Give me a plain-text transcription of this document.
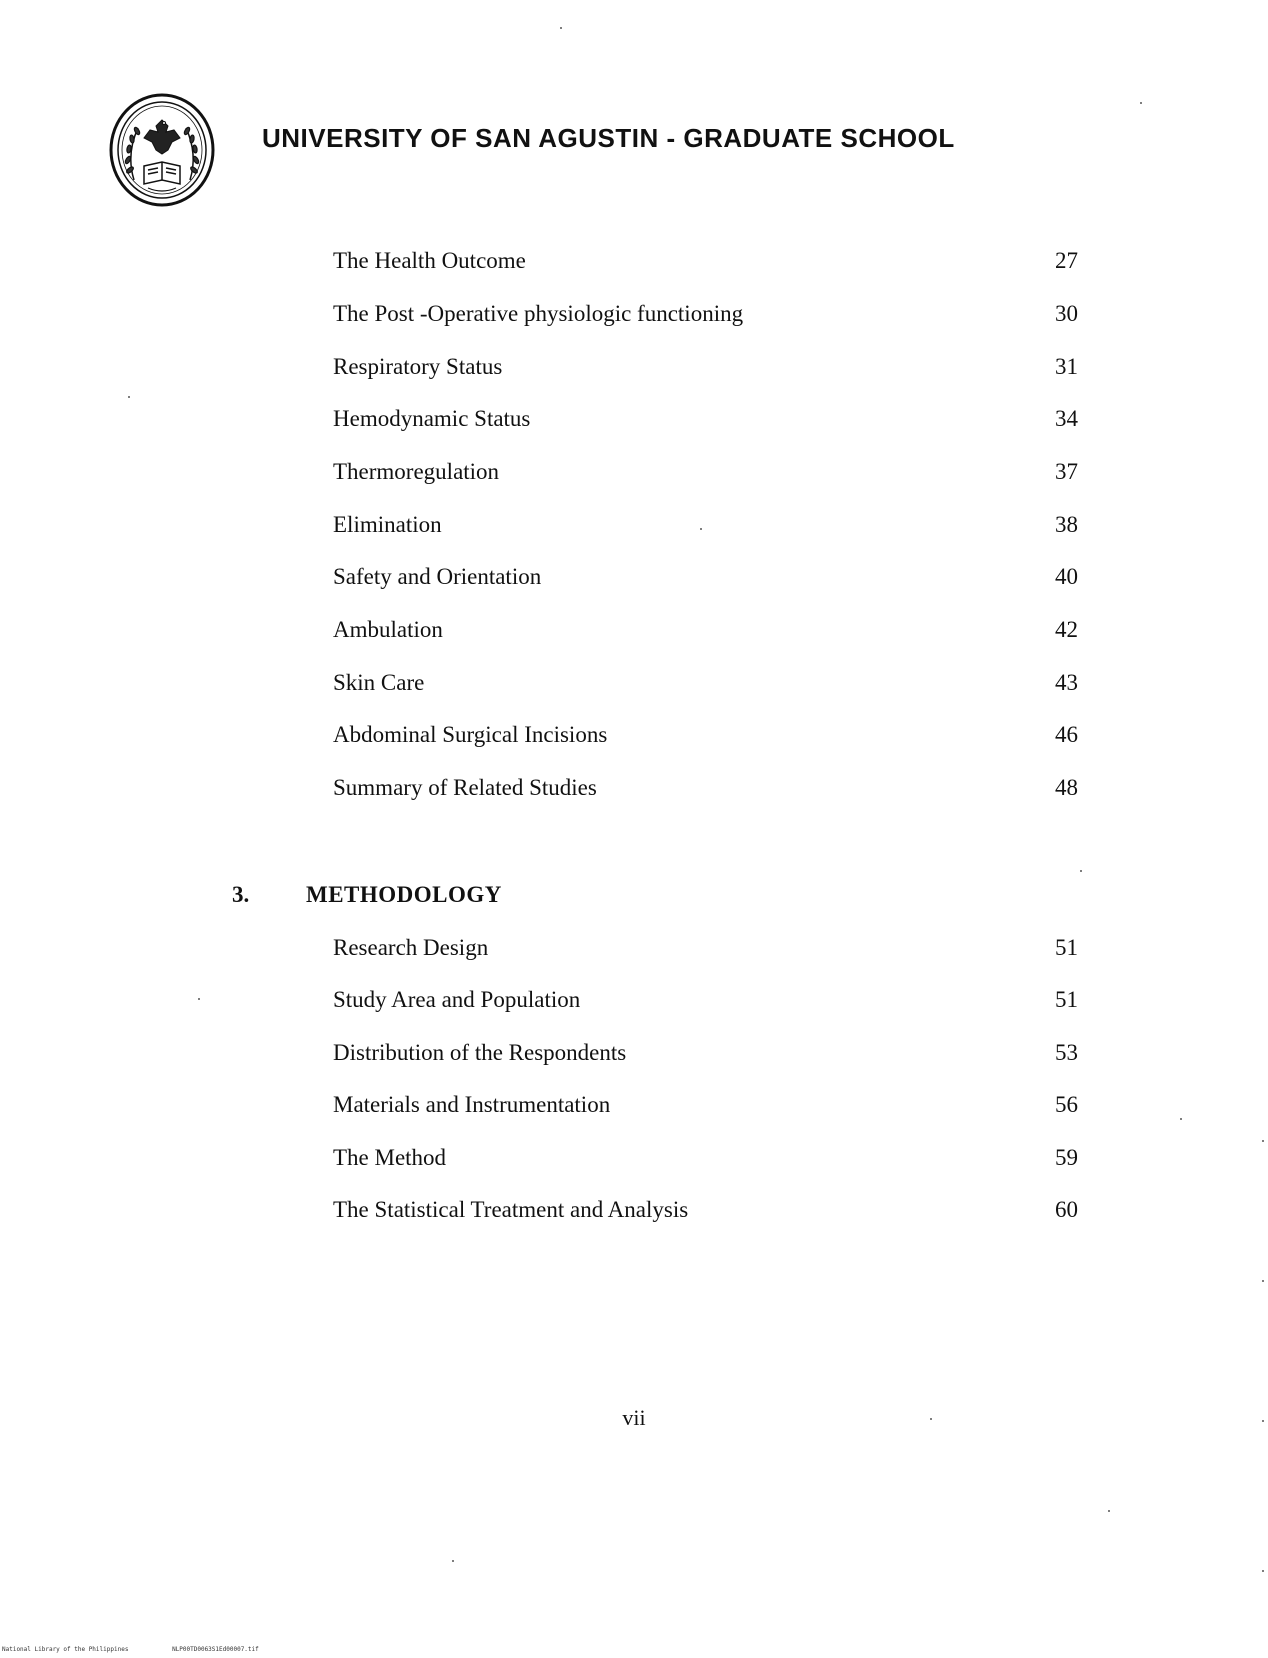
UNIVERSITY OF SAN AGUSTIN - GRADUATE SCHOOL
The Health Outcome	27
The Post -Operative physiologic functioning	30
Respiratory Status	31
Hemodynamic Status	34
Thermoregulation	37
Elimination	38
Safety and Orientation	40
Ambulation	42
Skin Care	43
Abdominal Surgical Incisions	46
Summary of Related Studies	48
3. METHODOLOGY
Research Design	51
Study Area and Population	51
Distribution of the Respondents	53
Materials and Instrumentation	56
The Method	59
The Statistical Treatment and Analysis	60
vii
National Library of the Philippines	NLP00TD0063S1Ed00007.tif
